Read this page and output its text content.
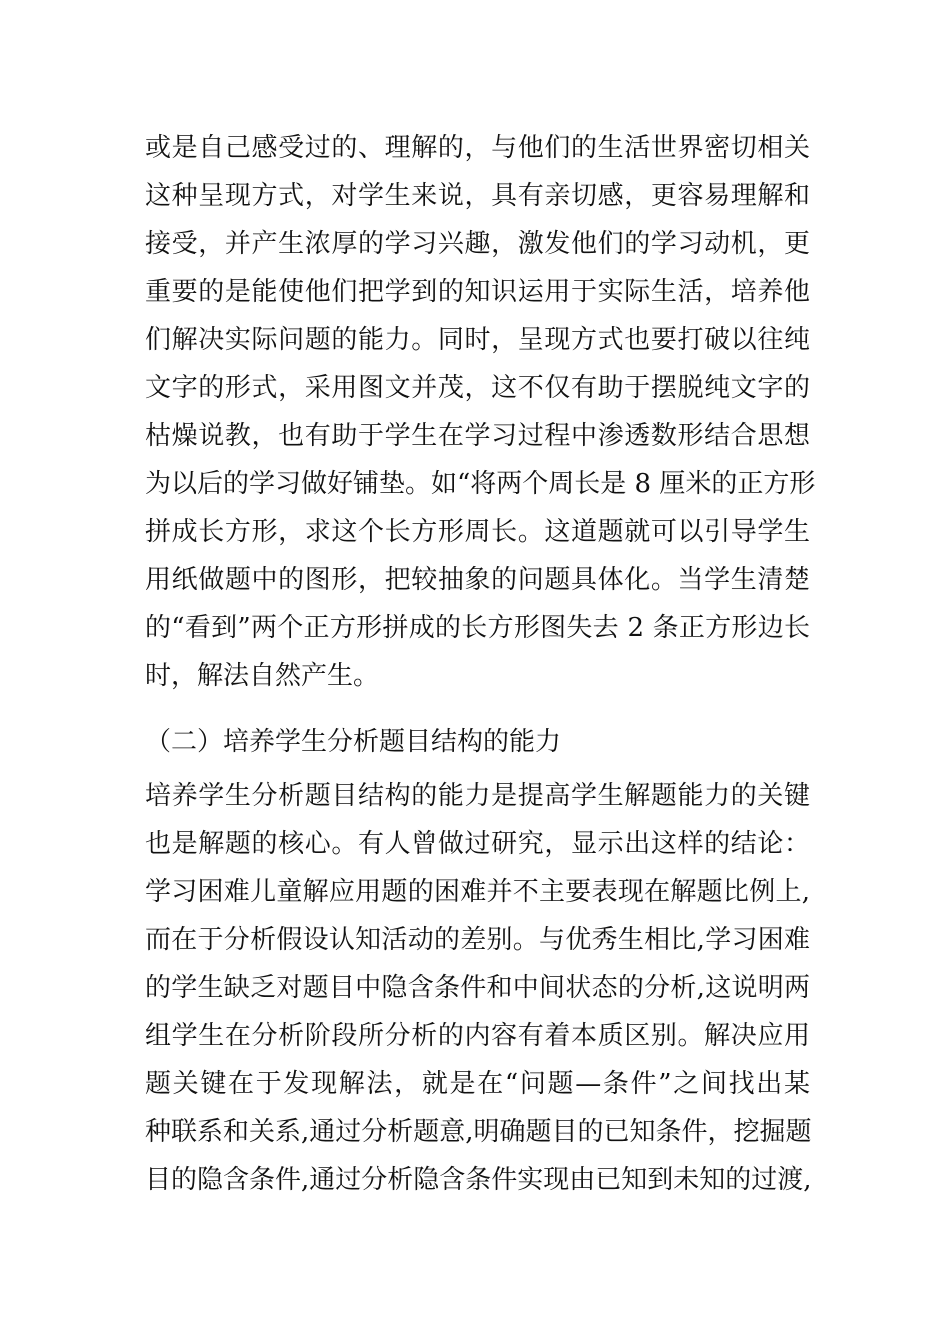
或是自己感受过的、理解的，与他们的生活世界密切相关
这种呈现方式，对学生来说，具有亲切感，更容易理解和
接受，并产生浓厚的学习兴趣，激发他们的学习动机，更
重要的是能使他们把学到的知识运用于实际生活，培养他
们解决实际问题的能力。同时，呈现方式也要打破以往纯
文字的形式，采用图文并茂，这不仅有助于摆脱纯文字的
枯燥说教，也有助于学生在学习过程中渗透数形结合思想
为以后的学习做好铺垫。如“将两个周长是 8 厘米的正方形
拼成长方形，求这个长方形周长。这道题就可以引导学生
用纸做题中的图形，把较抽象的问题具体化。当学生清楚
的“看到”两个正方形拼成的长方形图失去 2 条正方形边长
时，解法自然产生。
（二）培养学生分析题目结构的能力
培养学生分析题目结构的能力是提高学生解题能力的关键
也是解题的核心。有人曾做过研究，显示出这样的结论：
学习困难儿童解应用题的困难并不主要表现在解题比例上,
而在于分析假设认知活动的差别。与优秀生相比,学习困难
的学生缺乏对题目中隐含条件和中间状态的分析,这说明两
组学生在分析阶段所分析的内容有着本质区别。解决应用
题关键在于发现解法，就是在“问题—条件”之间找出某
种联系和关系,通过分析题意,明确题目的已知条件，挖掘题
目的隐含条件,通过分析隐含条件实现由已知到未知的过渡,
